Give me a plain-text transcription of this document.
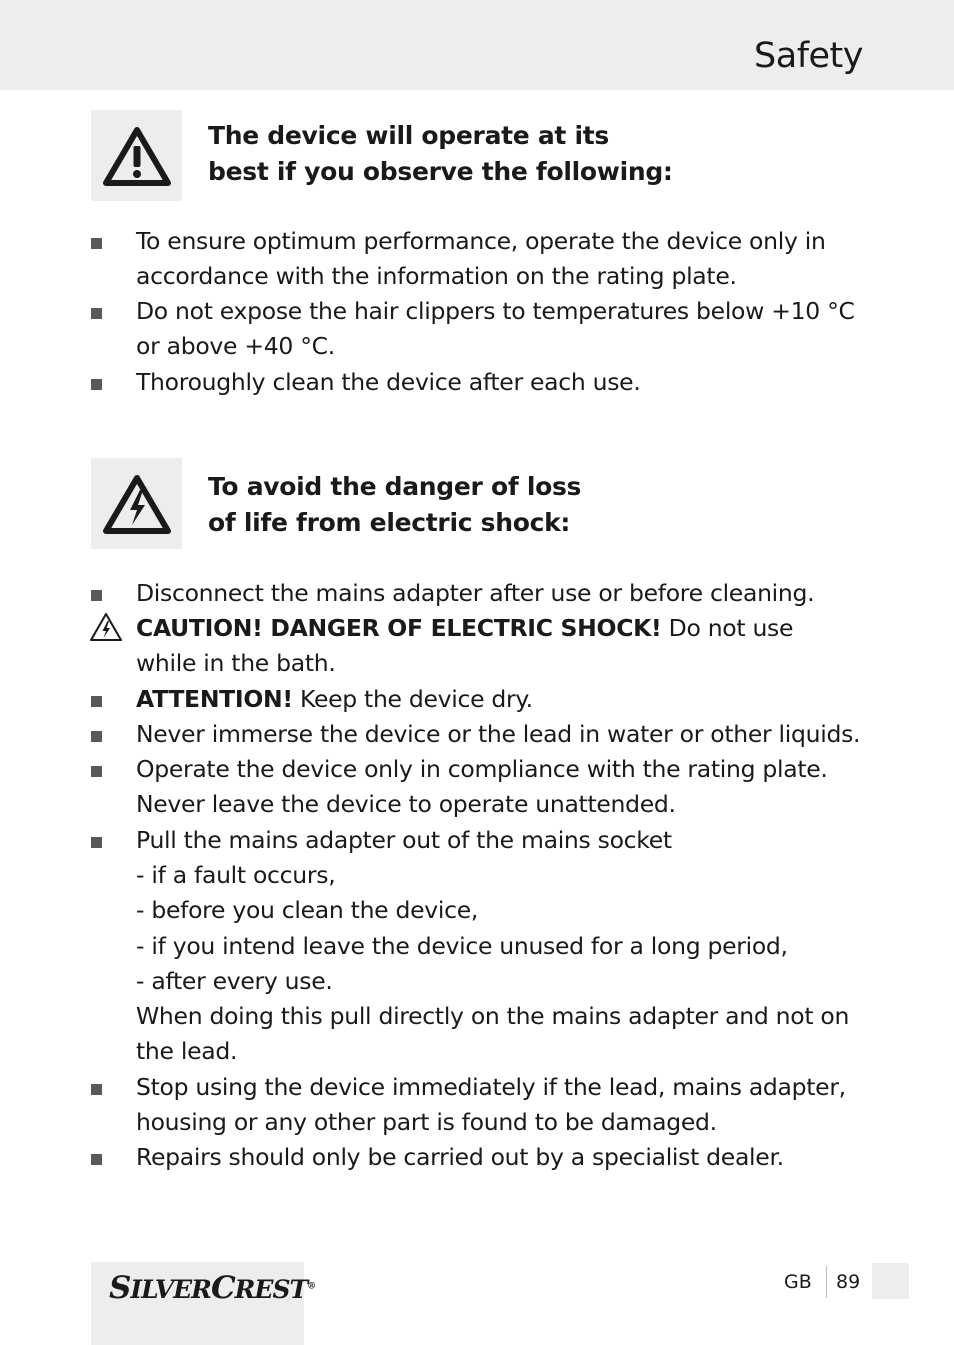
Safety
The device will operate at its
best if you observe the following:
To ensure optimum performance, operate the device only in
accordance with the information on the rating plate.
Do not expose the hair clippers to temperatures below +10 °C
or above +40 °C.
Thoroughly clean the device after each use.
To avoid the danger of loss
of life from electric shock:
Disconnect the mains adapter after use or before cleaning.
CAUTION! DANGER OF ELECTRIC SHOCK! Do not use
while in the bath.
ATTENTION! Keep the device dry.
Never immerse the device or the lead in water or other liquids.
Operate the device only in compliance with the rating plate.
Never leave the device to operate unattended.
Pull the mains adapter out of the mains socket
- if a fault occurs,
- before you clean the device,
- if you intend leave the device unused for a long period,
- after every use.
When doing this pull directly on the mains adapter and not on
the lead.
Stop using the device immediately if the lead, mains adapter,
housing or any other part is found to be damaged.
Repairs should only be carried out by a specialist dealer.
SILVERCREST®	GB 89
